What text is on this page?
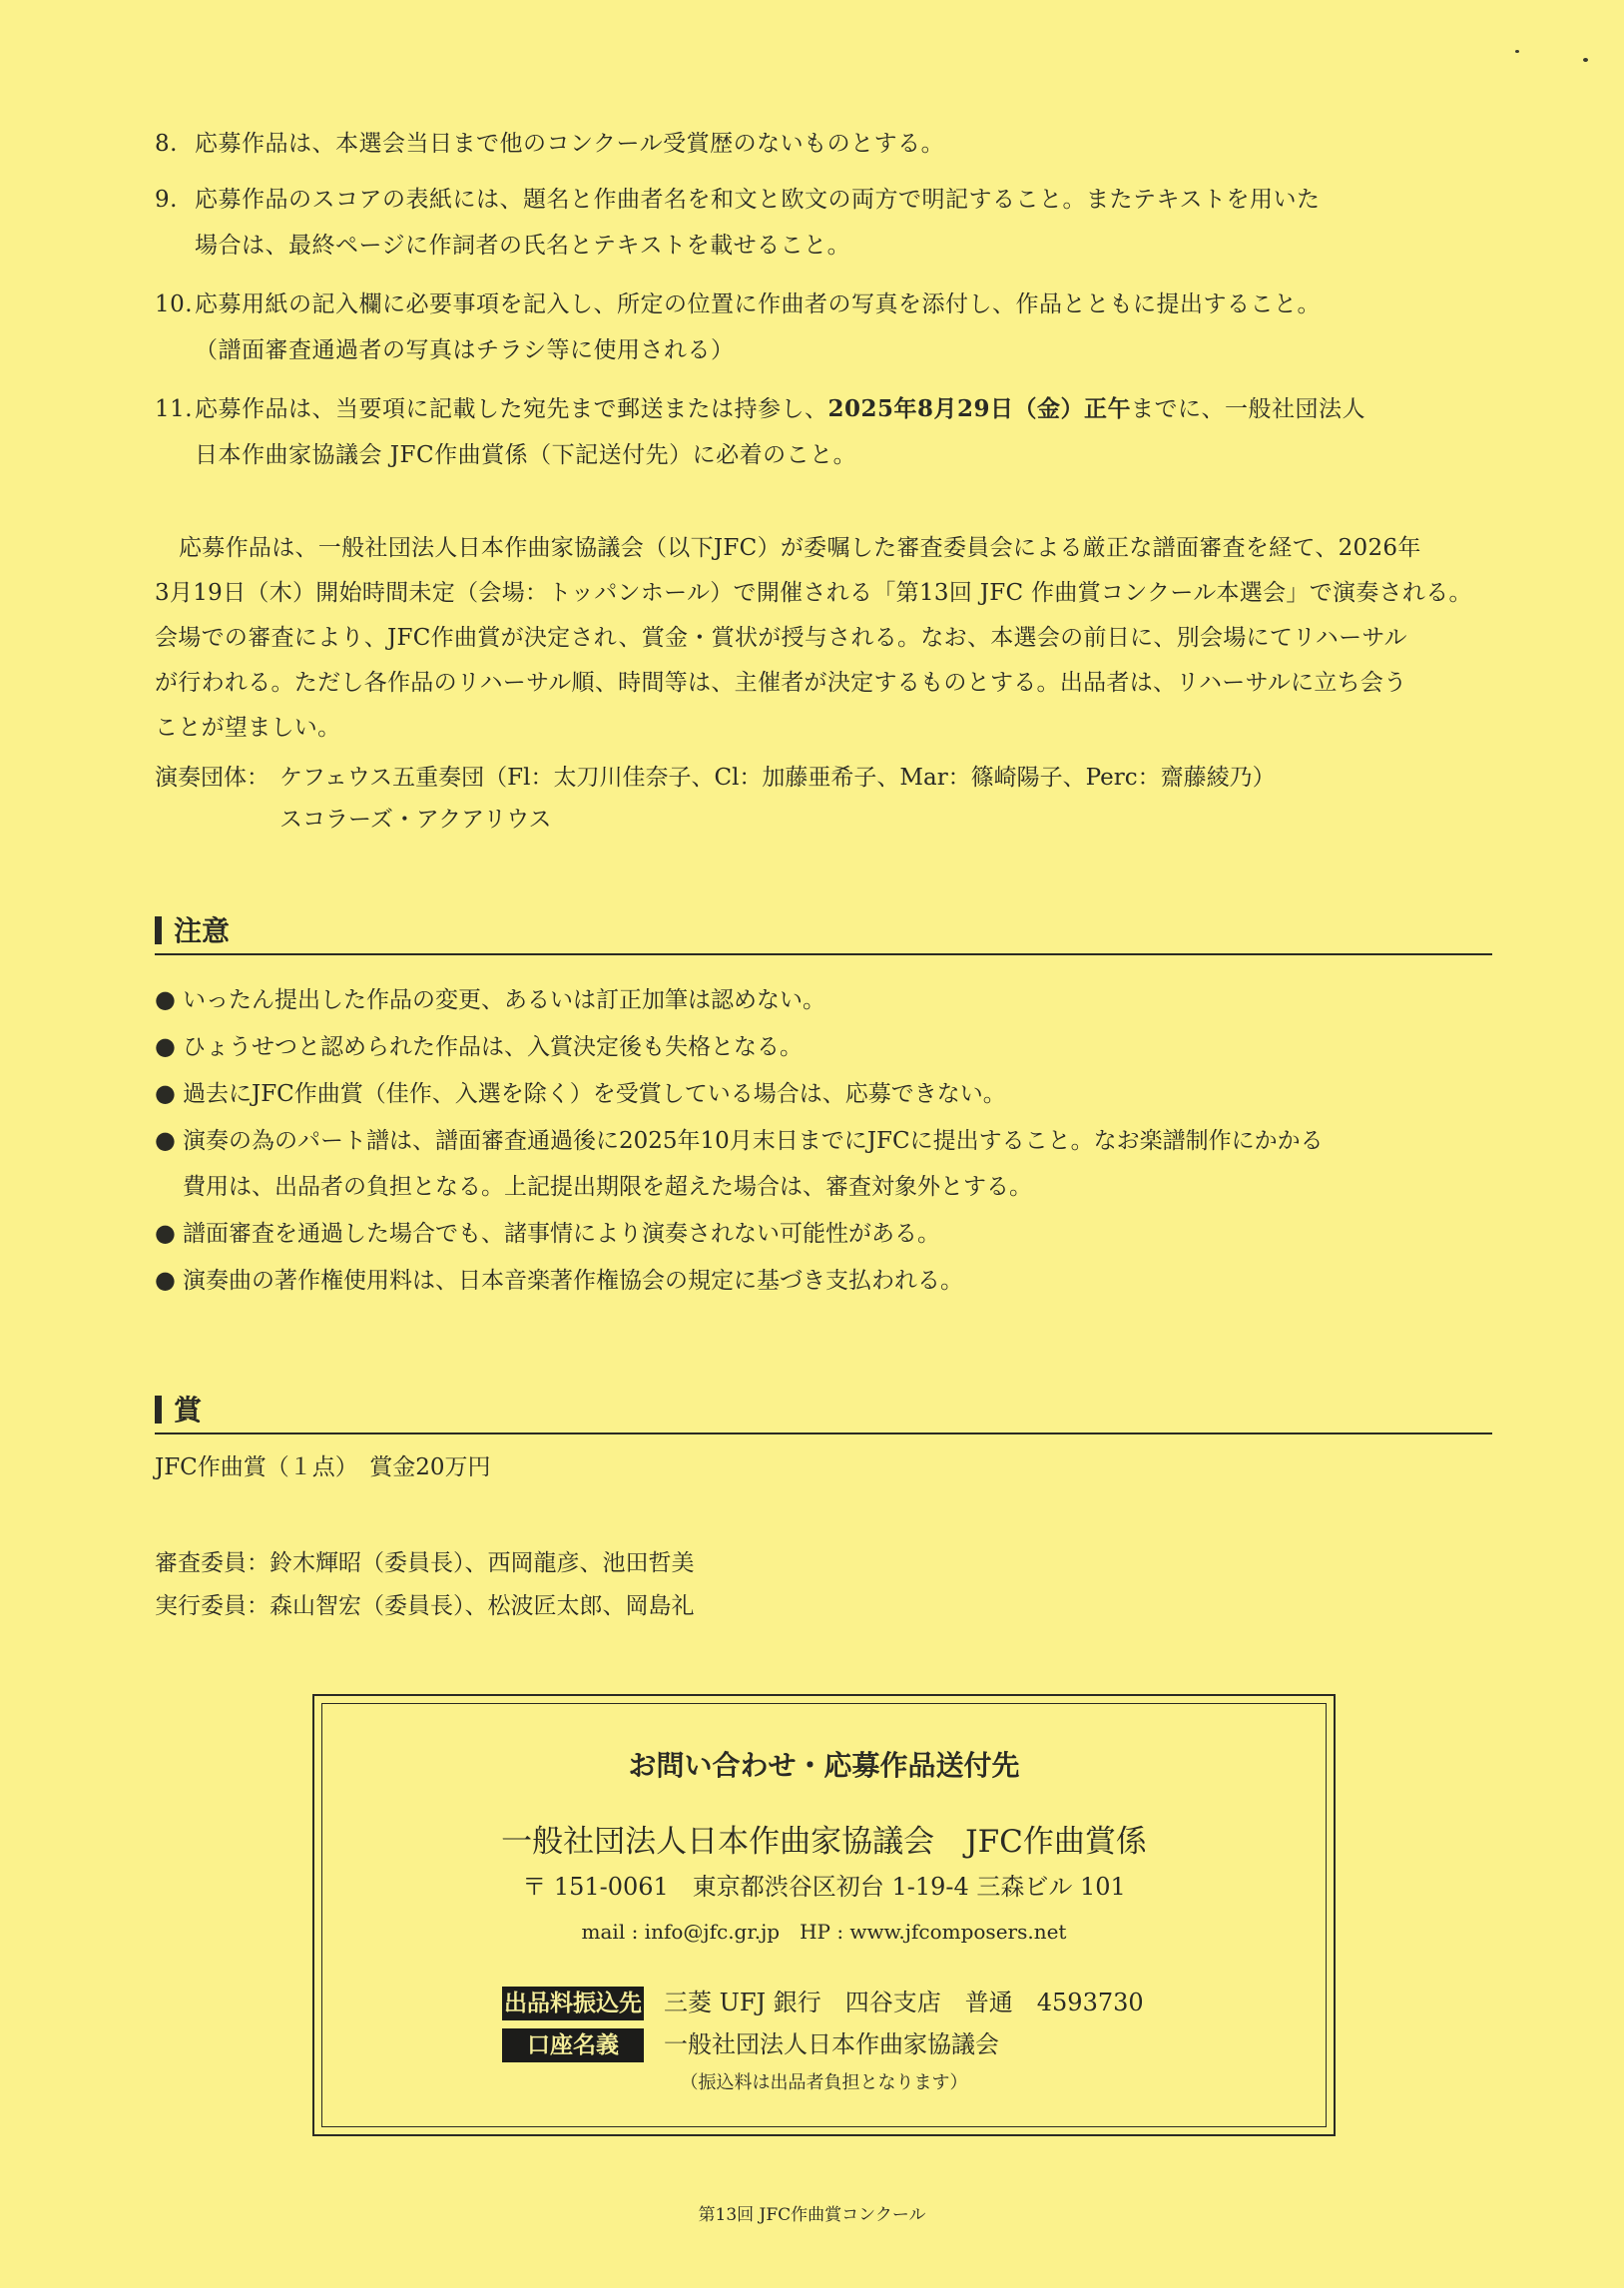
8. 応募作品は、本選会当日まで他のコンクール受賞歴のないものとする。
9. 応募作品のスコアの表紙には、題名と作曲者名を和文と欧文の両方で明記すること。またテキストを用いた
場合は、最終ページに作詞者の氏名とテキストを載せること。
10.応募用紙の記入欄に必要事項を記入し、所定の位置に作曲者の写真を添付し、作品とともに提出すること。
（譜面審査通過者の写真はチラシ等に使用される）
11.応募作品は、当要項に記載した宛先まで郵送または持参し、2025年8月29日（金）正午までに、一般社団法人
日本作曲家協議会 JFC作曲賞係（下記送付先）に必着のこと。
応募作品は、一般社団法人日本作曲家協議会（以下JFC）が委嘱した審査委員会による厳正な譜面審査を経て、2026年
3月19日（木）開始時間未定（会場：トッパンホール）で開催される「第13回 JFC 作曲賞コンクール本選会」で演奏される。
会場での審査により、JFC作曲賞が決定され、賞金・賞状が授与される。なお、本選会の前日に、別会場にてリハーサル
が行われる。ただし各作品のリハーサル順、時間等は、主催者が決定するものとする。出品者は、リハーサルに立ち会う
ことが望ましい。
演奏団体： ケフェウス五重奏団（Fl：太刀川佳奈子、Cl：加藤亜希子、Mar：篠崎陽子、Perc：齋藤綾乃）
スコラーズ・アクアリウス
注意
● いったん提出した作品の変更、あるいは訂正加筆は認めない。
● ひょうせつと認められた作品は、入賞決定後も失格となる。
● 過去にJFC作曲賞（佳作、入選を除く）を受賞している場合は、応募できない。
● 演奏の為のパート譜は、譜面審査通過後に2025年10月末日までにJFCに提出すること。なお楽譜制作にかかる
費用は、出品者の負担となる。上記提出期限を超えた場合は、審査対象外とする。
● 譜面審査を通過した場合でも、諸事情により演奏されない可能性がある。
● 演奏曲の著作権使用料は、日本音楽著作権協会の規定に基づき支払われる。
賞
JFC作曲賞（１点）　賞金20万円
審査委員：鈴木輝昭（委員長）、西岡龍彦、池田哲美
実行委員：森山智宏（委員長）、松波匠太郎、岡島礼
お問い合わせ・応募作品送付先
一般社団法人日本作曲家協議会　JFC作曲賞係
〒 151-0061　東京都渋谷区初台 1-19-4 三森ビル 101
mail : info@jfc.gr.jp　HP : www.jfcomposers.net
出品料振込先 三菱 UFJ 銀行　四谷支店　普通　4593730
口座名義 一般社団法人日本作曲家協議会
（振込料は出品者負担となります）
第13回 JFC作曲賞コンクール
